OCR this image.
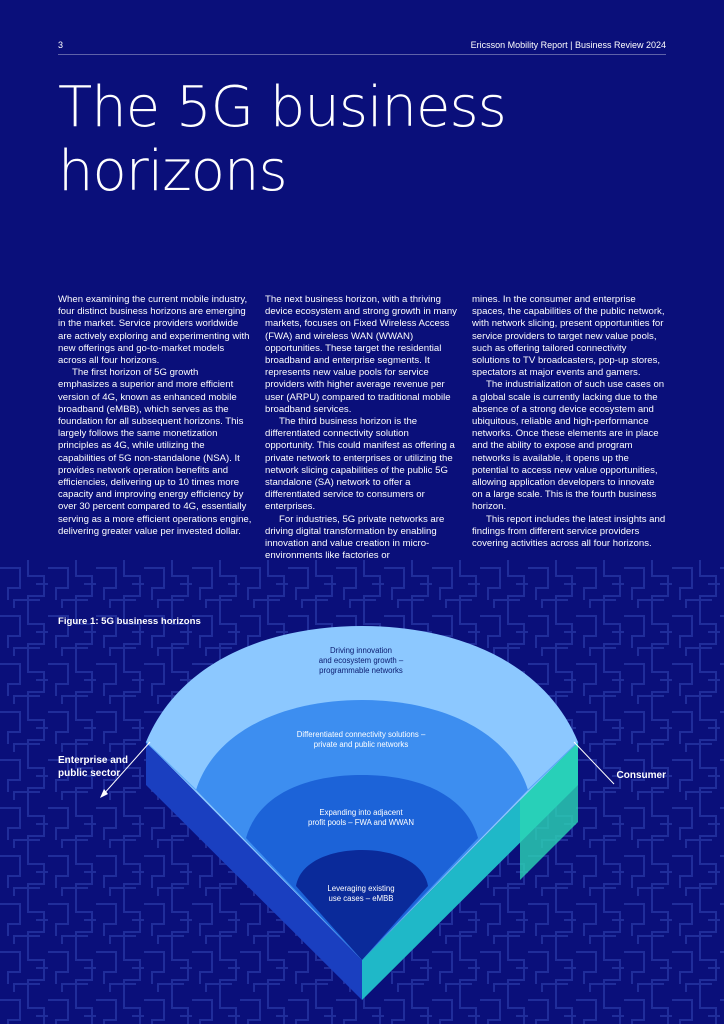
3	Ericsson Mobility Report | Business Review 2024
The 5G business
horizons

When examining the current mobile industry, four distinct business horizons are emerging in the market. Service providers worldwide are actively exploring and experimenting with new offerings and go-to-market models across all four horizons.

The first horizon of 5G growth emphasizes a superior and more efficient version of 4G, known as enhanced mobile broadband (eMBB), which serves as the foundation for all subsequent horizons. This largely follows the same monetization principles as 4G, while utilizing the capabilities of 5G non-standalone (NSA). It provides network operation benefits and efficiencies, delivering up to 10 times more capacity and improving energy efficiency by over 30 percent compared to 4G, essentially serving as a more efficient operations engine, delivering greater value per invested dollar.

The next business horizon, with a thriving device ecosystem and strong growth in many markets, focuses on Fixed Wireless Access (FWA) and wireless WAN (WWAN) opportunities. These target the residential broadband and enterprise segments. It represents new value pools for service providers with higher average revenue per user (ARPU) compared to traditional mobile broadband services.

The third business horizon is the differentiated connectivity solution opportunity. This could manifest as offering a private network to enterprises or utilizing the network slicing capabilities of the public 5G standalone (SA) network to offer a differentiated service to consumers or enterprises.

For industries, 5G private networks are driving digital transformation by enabling innovation and value creation in micro-environments like factories or

mines. In the consumer and enterprise spaces, the capabilities of the public network, with network slicing, present opportunities for service providers to target new value pools, such as offering tailored connectivity solutions to TV broadcasters, pop-up stores, spectators at major events and gamers.

The industrialization of such use cases on a global scale is currently lacking due to the absence of a strong device ecosystem and ubiquitous, reliable and high-performance networks. Once these elements are in place and the ability to expose and program networks is available, it opens up the potential to access new value opportunities, allowing application developers to innovate on a large scale. This is the fourth business horizon.

This report includes the latest insights and findings from different service providers covering activities across all four horizons.

Figure 1: 5G business horizons
Enterprise and
public sector	Consumer
Driving innovation
and ecosystem growth –
programmable networks
Differentiated connectivity solutions –
private and public networks
Expanding into adjacent
profit pools – FWA and WWAN
Leveraging existing
use cases – eMBB
